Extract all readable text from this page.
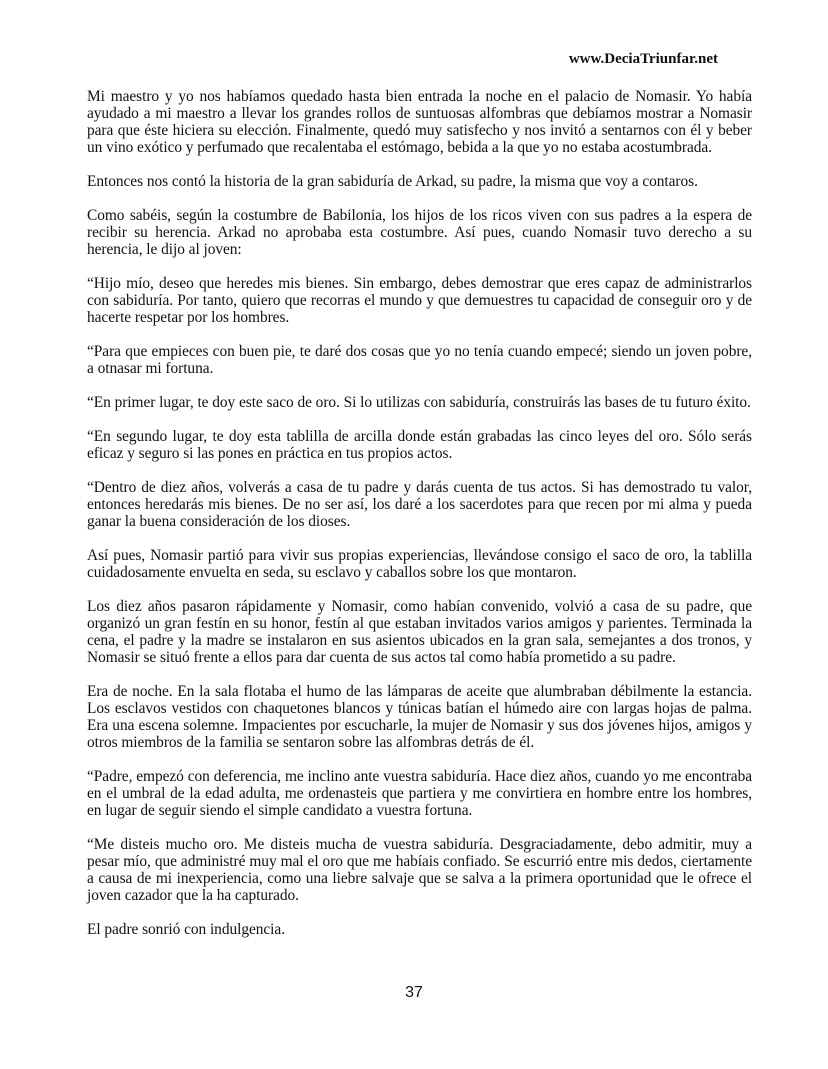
www.DeciaTriunfar.net

Mi maestro y yo nos habíamos quedado hasta bien entrada la noche en el palacio de Nomasir. Yo había ayudado a mi maestro a llevar los grandes rollos de suntuosas alfombras que debíamos mostrar a Nomasir para que éste hiciera su elección. Finalmente, quedó muy satisfecho y nos invitó a sentarnos con él y beber un vino exótico y perfumado que recalentaba el estómago, bebida a la que yo no estaba acostumbrada.

Entonces nos contó la historia de la gran sabiduría de Arkad, su padre, la misma que voy a contaros.

Como sabéis, según la costumbre de Babilonia, los hijos de los ricos viven con sus padres a la espera de recibir su herencia. Arkad no aprobaba esta costumbre. Así pues, cuando Nomasir tuvo derecho a su herencia, le dijo al joven:

“Hijo mío, deseo que heredes mis bienes. Sin embargo, debes demostrar que eres capaz de administrarlos con sabiduría. Por tanto, quiero que recorras el mundo y que demuestres tu capacidad de conseguir oro y de hacerte respetar por los hombres.

“Para que empieces con buen pie, te daré dos cosas que yo no tenía cuando empecé; siendo un joven pobre, a otnasar mi fortuna.

“En primer lugar, te doy este saco de oro. Si lo utilizas con sabiduría, construirás las bases de tu futuro éxito.

“En segundo lugar, te doy esta tablilla de arcilla donde están grabadas las cinco leyes del oro. Sólo serás eficaz y seguro si las pones en práctica en tus propios actos.

“Dentro de diez años, volverás a casa de tu padre y darás cuenta de tus actos. Si has demostrado tu valor, entonces heredarás mis bienes. De no ser así, los daré a los sacerdotes para que recen por mi alma y pueda ganar la buena consideración de los dioses.

Así pues, Nomasir partió para vivir sus propias experiencias, llevándose consigo el saco de oro, la tablilla cuidadosamente envuelta en seda, su esclavo y caballos sobre los que montaron.

Los diez años pasaron rápidamente y Nomasir, como habían convenido, volvió a casa de su padre, que organizó un gran festín en su honor, festín al que estaban invitados varios amigos y parientes. Terminada la cena, el padre y la madre se instalaron en sus asientos ubicados en la gran sala, semejantes a dos tronos, y Nomasir se situó frente a ellos para dar cuenta de sus actos tal como había prometido a su padre.

Era de noche. En la sala flotaba el humo de las lámparas de aceite que alumbraban débilmente la estancia. Los esclavos vestidos con chaquetones blancos y túnicas batían el húmedo aire con largas hojas de palma. Era una escena solemne. Impacientes por escucharle, la mujer de Nomasir y sus dos jóvenes hijos, amigos y otros miembros de la familia se sentaron sobre las alfombras detrás de él.

“Padre, empezó con deferencia, me inclino ante vuestra sabiduría. Hace diez años, cuando yo me encontraba en el umbral de la edad adulta, me ordenasteis que partiera y me convirtiera en hombre entre los hombres, en lugar de seguir siendo el simple candidato a vuestra fortuna.

“Me disteis mucho oro. Me disteis mucha de vuestra sabiduría. Desgraciadamente, debo admitir, muy a pesar mío, que administré muy mal el oro que me habíais confiado. Se escurrió entre mis dedos, ciertamente a causa de mi inexperiencia, como una liebre salvaje que se salva a la primera oportunidad que le ofrece el joven cazador que la ha capturado.

El padre sonrió con indulgencia.

37
